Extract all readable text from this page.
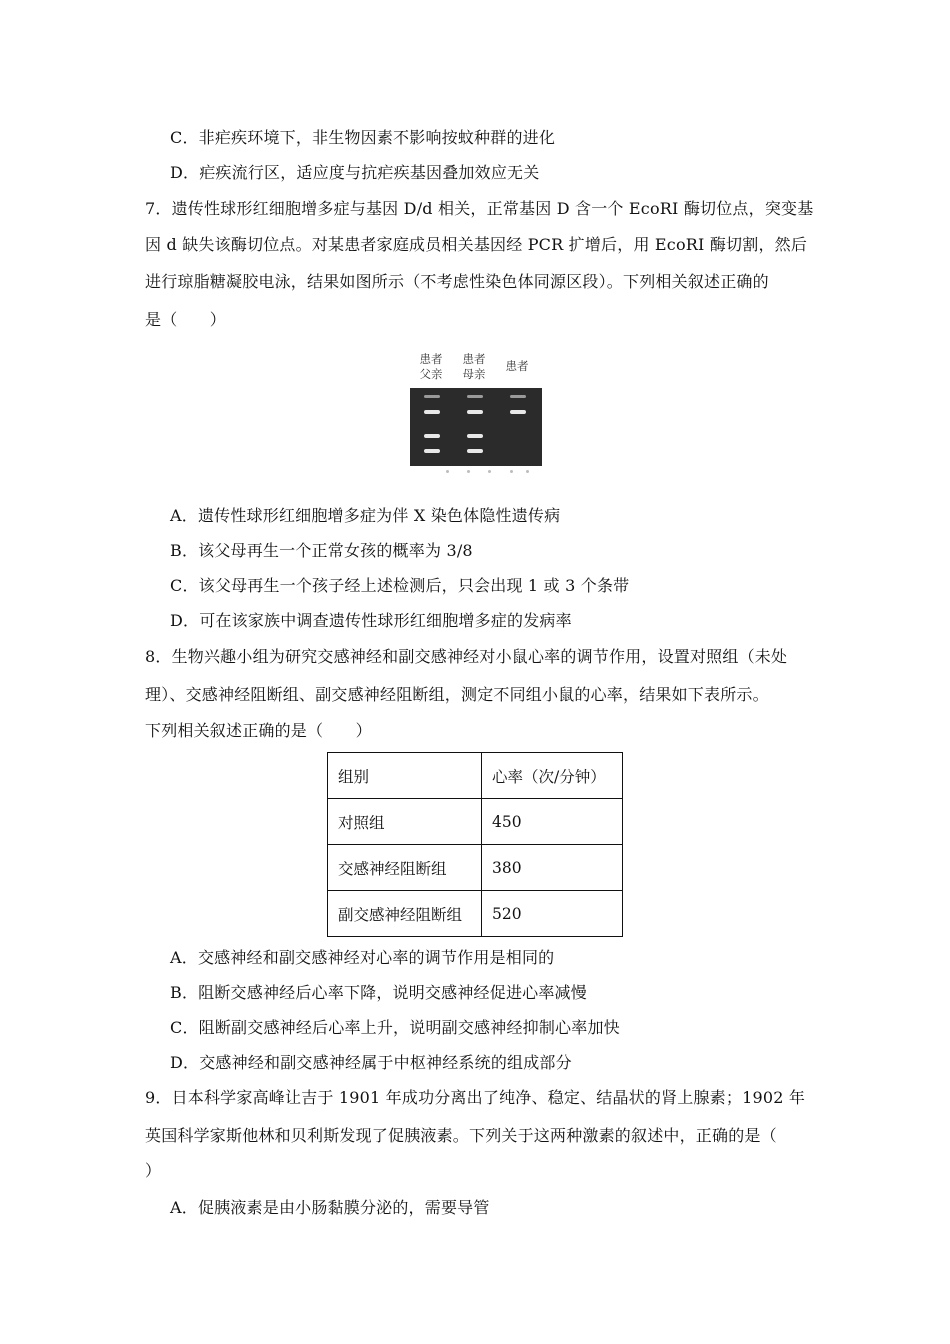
C．非疟疾环境下，非生物因素不影响按蚊种群的进化
D．疟疾流行区，适应度与抗疟疾基因叠加效应无关
7．遗传性球形红细胞增多症与基因 D/d 相关，正常基因 D 含一个 EcoRI 酶切位点，突变基
因 d 缺失该酶切位点。对某患者家庭成员相关基因经 PCR 扩增后，用 EcoRI 酶切割，然后
进行琼脂糖凝胶电泳，结果如图所示（不考虑性染色体同源区段）。下列相关叙述正确的
是（　　）
患者
父亲
患者
母亲
患者
A．遗传性球形红细胞增多症为伴 X 染色体隐性遗传病
B．该父母再生一个正常女孩的概率为 3/8
C．该父母再生一个孩子经上述检测后，只会出现 1 或 3 个条带
D．可在该家族中调查遗传性球形红细胞增多症的发病率
8．生物兴趣小组为研究交感神经和副交感神经对小鼠心率的调节作用，设置对照组（未处
理）、交感神经阻断组、副交感神经阻断组，测定不同组小鼠的心率，结果如下表所示。
下列相关叙述正确的是（　　）
组别	心率（次/分钟）
对照组	450
交感神经阻断组	380
副交感神经阻断组	520
A．交感神经和副交感神经对心率的调节作用是相同的
B．阻断交感神经后心率下降，说明交感神经促进心率减慢
C．阻断副交感神经后心率上升，说明副交感神经抑制心率加快
D．交感神经和副交感神经属于中枢神经系统的组成部分
9．日本科学家高峰让吉于 1901 年成功分离出了纯净、稳定、结晶状的肾上腺素；1902 年
英国科学家斯他林和贝利斯发现了促胰液素。下列关于这两种激素的叙述中，正确的是（
）
A．促胰液素是由小肠黏膜分泌的，需要导管
